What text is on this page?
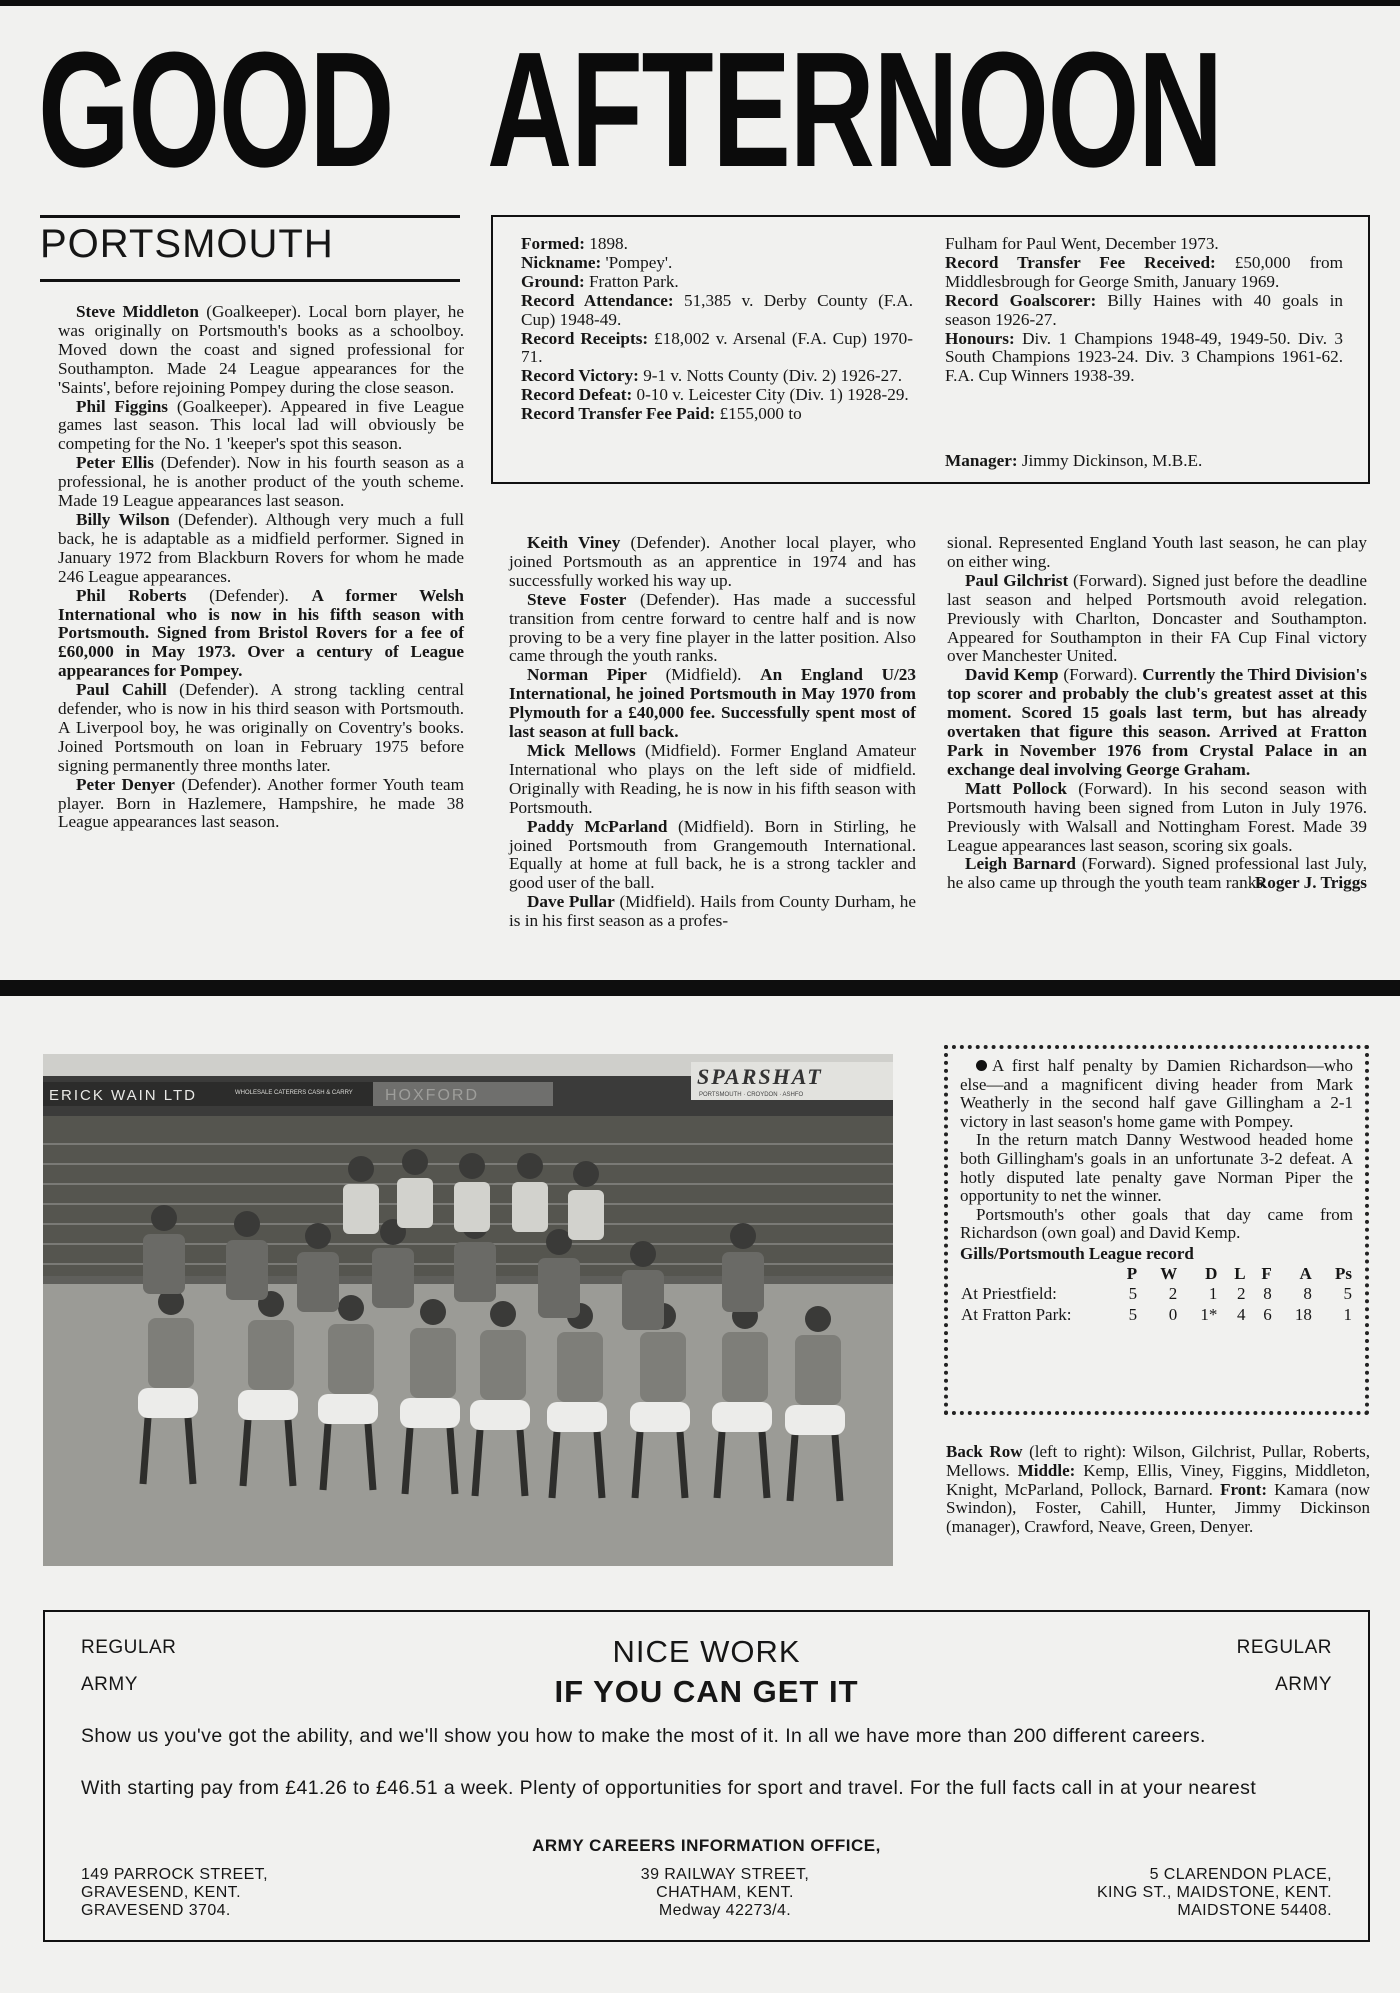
GOOD AFTERNOON
PORTSMOUTH	Formed: 1898.

Nickname: 'Pompey'.

Ground: Fratton Park.

Record Attendance: 51,385 v. Derby County (F.A. Cup) 1948-49.

Record Receipts: £18,002 v. Arsenal (F.A. Cup) 1970-71.

Record Victory: 9-1 v. Notts County (Div. 2) 1926-27.

Record Defeat: 0-10 v. Leicester City (Div. 1) 1928-29.

Record Transfer Fee Paid: £155,000 to

Fulham for Paul Went, December 1973.

Record Transfer Fee Received: £50,000 from Middlesbrough for George Smith, January 1969.

Record Goalscorer: Billy Haines with 40 goals in season 1926-27.

Honours: Div. 1 Champions 1948-49, 1949-50. Div. 3 South Champions 1923-24. Div. 3 Champions 1961-62. F.A. Cup Winners 1938-39.

Manager: Jimmy Dickinson, M.B.E.

Steve Middleton (Goalkeeper). Local born player, he was originally on Portsmouth's books as a schoolboy. Moved down the coast and signed professional for Southampton. Made 24 League appearances for the 'Saints', before rejoining Pompey during the close season.

Phil Figgins (Goalkeeper). Appeared in five League games last season. This local lad will obviously be competing for the No. 1 'keeper's spot this season.

Peter Ellis (Defender). Now in his fourth season as a professional, he is another product of the youth scheme. Made 19 League appearances last season.

Billy Wilson (Defender). Although very much a full back, he is adaptable as a midfield performer. Signed in January 1972 from Blackburn Rovers for whom he made 246 League appearances.

Phil Roberts (Defender). A former Welsh International who is now in his fifth season with Portsmouth. Signed from Bristol Rovers for a fee of £60,000 in May 1973. Over a century of League appearances for Pompey.

Paul Cahill (Defender). A strong tackling central defender, who is now in his third season with Portsmouth. A Liverpool boy, he was originally on Coventry's books. Joined Portsmouth on loan in February 1975 before signing permanently three months later.

Peter Denyer (Defender). Another former Youth team player. Born in Hazlemere, Hampshire, he made 38 League appearances last season.

Keith Viney (Defender). Another local player, who joined Portsmouth as an apprentice in 1974 and has successfully worked his way up.

Steve Foster (Defender). Has made a successful transition from centre forward to centre half and is now proving to be a very fine player in the latter position. Also came through the youth ranks.

Norman Piper (Midfield). An England U/23 International, he joined Portsmouth in May 1970 from Plymouth for a £40,000 fee. Successfully spent most of last season at full back.

Mick Mellows (Midfield). Former England Amateur International who plays on the left side of midfield. Originally with Reading, he is now in his fifth season with Portsmouth.

Paddy McParland (Midfield). Born in Stirling, he joined Portsmouth from Grangemouth International. Equally at home at full back, he is a strong tackler and good user of the ball.

Dave Pullar (Midfield). Hails from County Durham, he is in his first season as a profes-

sional. Represented England Youth last season, he can play on either wing.

Paul Gilchrist (Forward). Signed just before the deadline last season and helped Portsmouth avoid relegation. Previously with Charlton, Doncaster and Southampton. Appeared for Southampton in their FA Cup Final victory over Manchester United.

David Kemp (Forward). Currently the Third Division's top scorer and probably the club's greatest asset at this moment. Scored 15 goals last term, but has already overtaken that figure this season. Arrived at Fratton Park in November 1976 from Crystal Palace in an exchange deal involving George Graham.

Matt Pollock (Forward). In his second season with Portsmouth having been signed from Luton in July 1976. Previously with Walsall and Nottingham Forest. Made 39 League appearances last season, scoring six goals.

Leigh Barnard (Forward). Signed professional last July, he also came up through the youth team ranks.

Roger J. Triggs
ERICK WAIN LTD	WHOLESALE CATERERS CASH & CARRY HOXFORD
SPARSHAT
PORTSMOUTH · CROYDON · ASHFO

A first half penalty by Damien Richardson—who else—and a magnificent diving header from Mark Weatherly in the second half gave Gillingham a 2-1 victory in last season's home game with Pompey.

In the return match Danny Westwood headed home both Gillingham's goals in an unfortunate 3-2 defeat. A hotly disputed late penalty gave Norman Piper the opportunity to net the winner.

Portsmouth's other goals that day came from Richardson (own goal) and David Kemp.

Gills/Portsmouth League record
	P	W	D	L	F	A	Ps
At Priestfield:	5	2	1	2	8	8	5
At Fratton Park:	5	0	1*	4	6	18	1
Back Row (left to right): Wilson, Gilchrist, Pullar, Roberts, Mellows. Middle: Kemp, Ellis, Viney, Figgins, Middleton, Knight, McParland, Pollock, Barnard. Front: Kamara (now Swindon), Foster, Cahill, Hunter, Jimmy Dickinson (manager), Crawford, Neave, Green, Denyer.
REGULAR
ARMY
REGULAR
ARMY
NICE WORK
IF YOU CAN GET IT
Show us you've got the ability, and we'll show you how to make the most of it. In all we have more than 200 different careers.
With starting pay from £41.26 to £46.51 a week. Plenty of opportunities for sport and travel. For the full facts call in at your nearest
ARMY CAREERS INFORMATION OFFICE,
149 PARROCK STREET,
GRAVESEND, KENT.
GRAVESEND 3704.
39 RAILWAY STREET,
CHATHAM, KENT.
Medway 42273/4.
5 CLARENDON PLACE,
KING ST., MAIDSTONE, KENT.
MAIDSTONE 54408.
